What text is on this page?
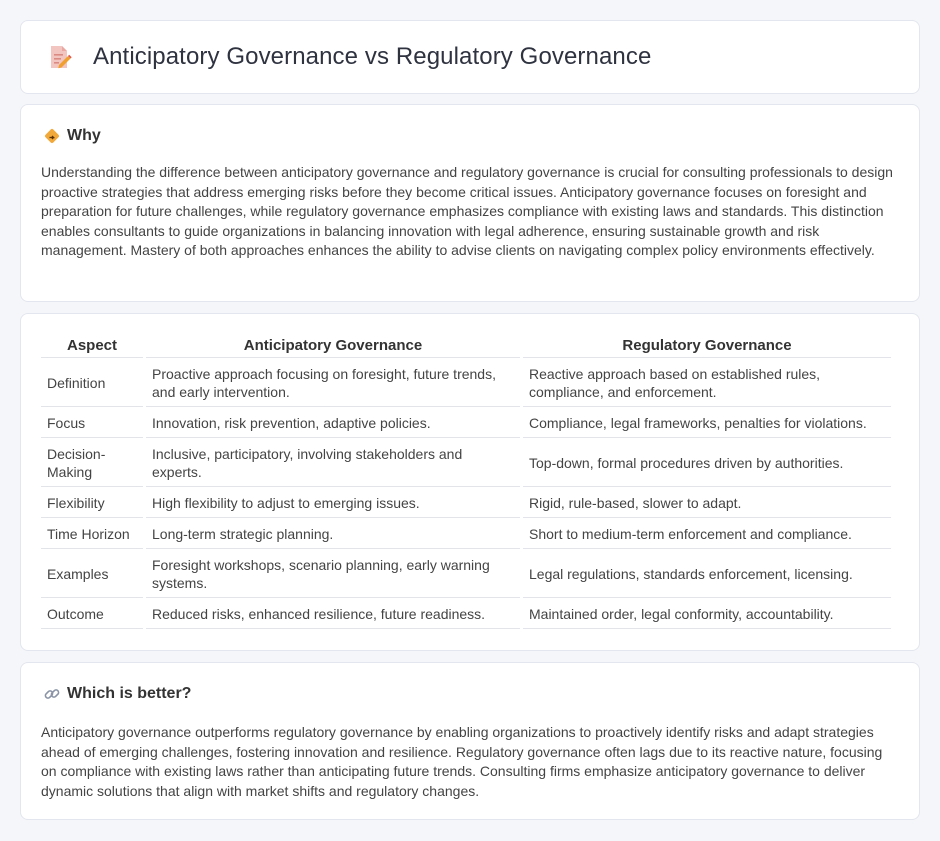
Anticipatory Governance vs Regulatory Governance
Why

Understanding the difference between anticipatory governance and regulatory governance is crucial for consulting professionals to design proactive strategies that address emerging risks before they become critical issues. Anticipatory governance focuses on foresight and preparation for future challenges, while regulatory governance emphasizes compliance with existing laws and standards. This distinction enables consultants to guide organizations in balancing innovation with legal adherence, ensuring sustainable growth and risk management. Mastery of both approaches enhances the ability to advise clients on navigating complex policy environments effectively.

Aspect	Anticipatory Governance	Regulatory Governance
Definition	Proactive approach focusing on foresight, future trends, and early intervention.	Reactive approach based on established rules, compliance, and enforcement.
Focus	Innovation, risk prevention, adaptive policies.	Compliance, legal frameworks, penalties for violations.
Decision-Making	Inclusive, participatory, involving stakeholders and experts.	Top-down, formal procedures driven by authorities.
Flexibility	High flexibility to adjust to emerging issues.	Rigid, rule-based, slower to adapt.
Time Horizon	Long-term strategic planning.	Short to medium-term enforcement and compliance.
Examples	Foresight workshops, scenario planning, early warning systems.	Legal regulations, standards enforcement, licensing.
Outcome	Reduced risks, enhanced resilience, future readiness.	Maintained order, legal conformity, accountability.
Which is better?

Anticipatory governance outperforms regulatory governance by enabling organizations to proactively identify risks and adapt strategies ahead of emerging challenges, fostering innovation and resilience. Regulatory governance often lags due to its reactive nature, focusing on compliance with existing laws rather than anticipating future trends. Consulting firms emphasize anticipatory governance to deliver dynamic solutions that align with market shifts and regulatory changes.
